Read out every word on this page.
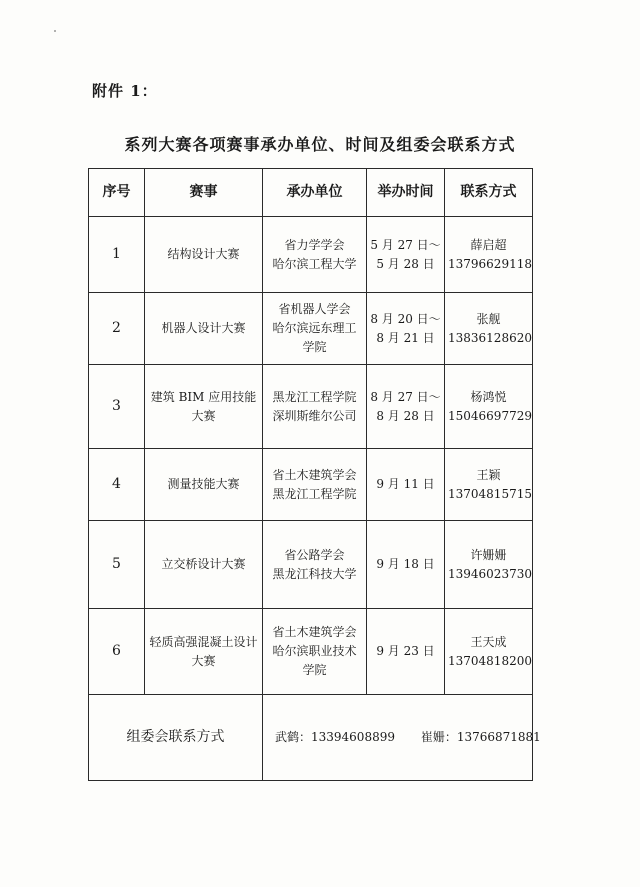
附件 1：
系列大赛各项赛事承办单位、时间及组委会联系方式
序号	赛事	承办单位	举办时间	联系方式
1	结构设计大赛	省力学学会
哈尔滨工程大学	5 月 27 日～
5 月 28 日	薛启超
13796629118

2	机器人设计大赛	省机器人学会
哈尔滨远东理工
学院	8 月 20 日～
8 月 21 日	张舰
13836128620

3	建筑 BIM 应用技能
大赛	黑龙江工程学院
深圳斯维尔公司	8 月 27 日～
8 月 28 日	杨鸿悦
15046697729

4	测量技能大赛	省土木建筑学会
黑龙江工程学院	9 月 11 日	王颖
13704815715

5	立交桥设计大赛	省公路学会
黑龙江科技大学	9 月 18 日	许姗姗
13946023730

6	轻质高强混凝土设计
大赛	省土木建筑学会
哈尔滨职业技术
学院	9 月 23 日	王天成
13704818200

组委会联系方式		武鹤：13394608899 崔姗：13766871881		
